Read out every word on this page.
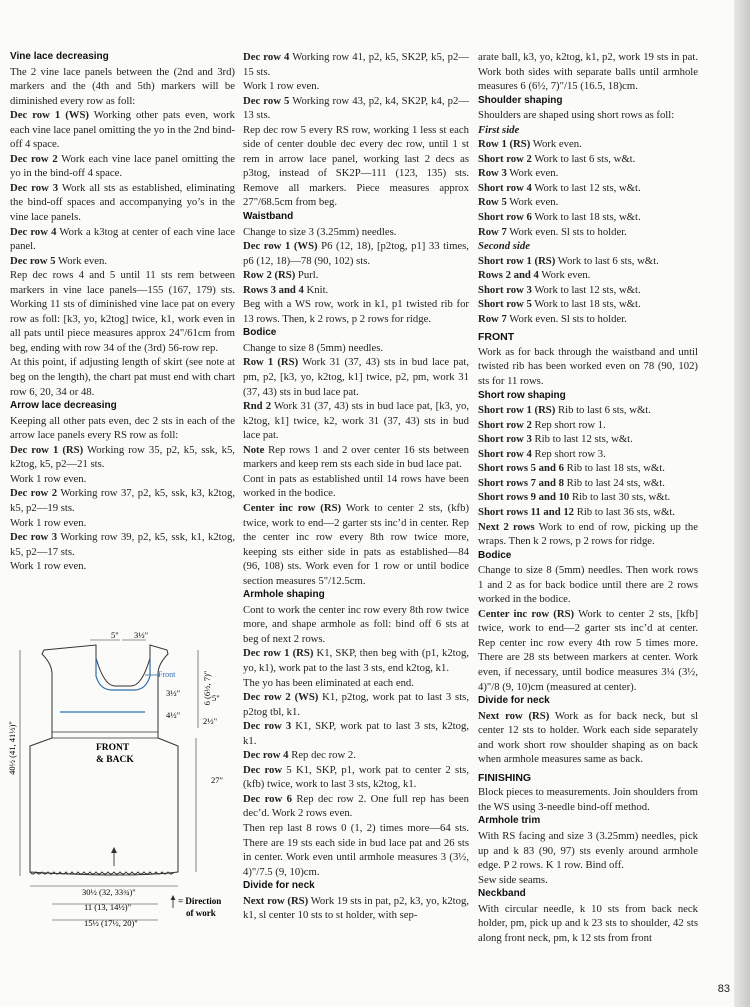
Vine lace decreasing

The 2 vine lace panels between the (2nd and 3rd) markers and the (4th and 5th) markers will be diminished every row as foll:

Dec row 1 (WS) Working other pats even, work each vine lace panel omitting the yo in the 2nd bind-off 4 space.

Dec row 2 Work each vine lace panel omitting the yo in the bind-off 4 space.

Dec row 3 Work all sts as established, eliminating the bind-off spaces and accompanying yo’s in the vine lace panels.

Dec row 4 Work a k3tog at center of each vine lace panel.

Dec row 5 Work even.

Rep dec rows 4 and 5 until 11 sts rem between markers in vine lace panels—155 (167, 179) sts. Working 11 sts of diminished vine lace pat on every row as foll: [k3, yo, k2tog] twice, k1, work even in all pats until piece measures approx 24"/61cm from beg, ending with row 34 of the (3rd) 56-row rep.

At this point, if adjusting length of skirt (see note at beg on the length), the chart pat must end with chart row 6, 20, 34 or 48.

Arrow lace decreasing

Keeping all other pats even, dec 2 sts in each of the arrow lace panels every RS row as foll:

Dec row 1 (RS) Working row 35, p2, k5, ssk, k5, k2tog, k5, p2—21 sts.

Work 1 row even.

Dec row 2 Working row 37, p2, k5, ssk, k3, k2tog, k5, p2—19 sts.

Work 1 row even.

Dec row 3 Working row 39, p2, k5, ssk, k1, k2tog, k5, p2—17 sts.

Work 1 row even.

Dec row 4 Working row 41, p2, k5, SK2P, k5, p2—15 sts.

Work 1 row even.

Dec row 5 Working row 43, p2, k4, SK2P, k4, p2—13 sts.

Rep dec row 5 every RS row, working 1 less st each side of center double dec every dec row, until 1 st rem in arrow lace panel, working last 2 decs as p3tog, instead of SK2P—111 (123, 135) sts. Remove all markers. Piece measures approx 27"/68.5cm from beg.

Waistband

Change to size 3 (3.25mm) needles.

Dec row 1 (WS) P6 (12, 18), [p2tog, p1] 33 times, p6 (12, 18)—78 (90, 102) sts.

Row 2 (RS) Purl.

Rows 3 and 4 Knit.

Beg with a WS row, work in k1, p1 twisted rib for 13 rows. Then, k 2 rows, p 2 rows for ridge.

Bodice

Change to size 8 (5mm) needles.

Row 1 (RS) Work 31 (37, 43) sts in bud lace pat, pm, p2, [k3, yo, k2tog, k1] twice, p2, pm, work 31 (37, 43) sts in bud lace pat.

Rnd 2 Work 31 (37, 43) sts in bud lace pat, [k3, yo, k2tog, k1] twice, k2, work 31 (37, 43) sts in bud lace pat.

Note Rep rows 1 and 2 over center 16 sts between markers and keep rem sts each side in bud lace pat.

Cont in pats as established until 14 rows have been worked in the bodice.

Center inc row (RS) Work to center 2 sts, (kfb) twice, work to end—2 garter sts inc’d in center. Rep the center inc row every 8th row twice more, keeping sts either side in pats as established—84 (96, 108) sts. Work even for 1 row or until bodice section measures 5"/12.5cm.

Armhole shaping

Cont to work the center inc row every 8th row twice more, and shape armhole as foll: bind off 6 sts at beg of next 2 rows.

Dec row 1 (RS) K1, SKP, then beg with (p1, k2tog, yo, k1), work pat to the last 3 sts, end k2tog, k1.

The yo has been eliminated at each end.

Dec row 2 (WS) K1, p2tog, work pat to last 3 sts, p2tog tbl, k1.

Dec row 3 K1, SKP, work pat to last 3 sts, k2tog, k1.

Dec row 4 Rep dec row 2.

Dec row 5 K1, SKP, p1, work pat to center 2 sts, (kfb) twice, work to last 3 sts, k2tog, k1.

Dec row 6 Rep dec row 2. One full rep has been dec’d. Work 2 rows even.

Then rep last 8 rows 0 (1, 2) times more—64 sts. There are 19 sts each side in bud lace pat and 26 sts in center. Work even until armhole measures 3 (3½, 4)"/7.5 (9, 10)cm.

Divide for neck

Next row (RS) Work 19 sts in pat, p2, k3, yo, k2tog, k1, sl center 10 sts to st holder, with sep-

arate ball, k3, yo, k2tog, k1, p2, work 19 sts in pat. Work both sides with separate balls until armhole measures 6 (6½, 7)"/15 (16.5, 18)cm.

Shoulder shaping

Shoulders are shaped using short rows as foll:

First side

Row 1 (RS) Work even.

Short row 2 Work to last 6 sts, w&t.

Row 3 Work even.

Short row 4 Work to last 12 sts, w&t.

Row 5 Work even.

Short row 6 Work to last 18 sts, w&t.

Row 7 Work even. Sl sts to holder.

Second side

Short row 1 (RS) Work to last 6 sts, w&t.

Rows 2 and 4 Work even.

Short row 3 Work to last 12 sts, w&t.

Short row 5 Work to last 18 sts, w&t.

Row 7 Work even. Sl sts to holder.

FRONT

Work as for back through the waistband and until twisted rib has been worked even on 78 (90, 102) sts for 11 rows.

Short row shaping

Short row 1 (RS) Rib to last 6 sts, w&t.

Short row 2 Rep short row 1.

Short row 3 Rib to last 12 sts, w&t.

Short row 4 Rep short row 3.

Short rows 5 and 6 Rib to last 18 sts, w&t.

Short rows 7 and 8 Rib to last 24 sts, w&t.

Short rows 9 and 10 Rib to last 30 sts, w&t.

Short rows 11 and 12 Rib to last 36 sts, w&t.

Next 2 rows Work to end of row, picking up the wraps. Then k 2 rows, p 2 rows for ridge.

Bodice

Change to size 8 (5mm) needles. Then work rows 1 and 2 as for back bodice until there are 2 rows worked in the bodice.

Center inc row (RS) Work to center 2 sts, [kfb] twice, work to end—2 garter sts inc’d at center. Rep center inc row every 4th row 5 times more. There are 28 sts between markers at center. Work even, if necessary, until bodice measures 3¼ (3½, 4)"/8 (9, 10)cm (measured at center).

Divide for neck

Next row (RS) Work as for back neck, but sl center 12 sts to holder. Work each side separately and work short row shoulder shaping as on back when armhole measures same as back.

FINISHING

Block pieces to measurements. Join shoulders from the WS using 3-needle bind-off method.

Armhole trim

With RS facing and size 3 (3.25mm) needles, pick up and k 83 (90, 97) sts evenly around armhole edge. P 2 rows. K 1 row. Bind off.

Sew side seams.

Neckband

With circular needle, k 10 sts from back neck holder, pm, pick up and k 23 sts to shoulder, 42 sts along front neck, pm, k 12 sts from front

Front
5" 3½"
6 (6½, 7)"
3½"	5"
4½"
2½"
27"
40½ (41, 41½)"	FRONT
& BACK
30½ (32, 33¾)"
11 (13, 14½)"
15½ (17½, 20)"
= Direction
of work
83
